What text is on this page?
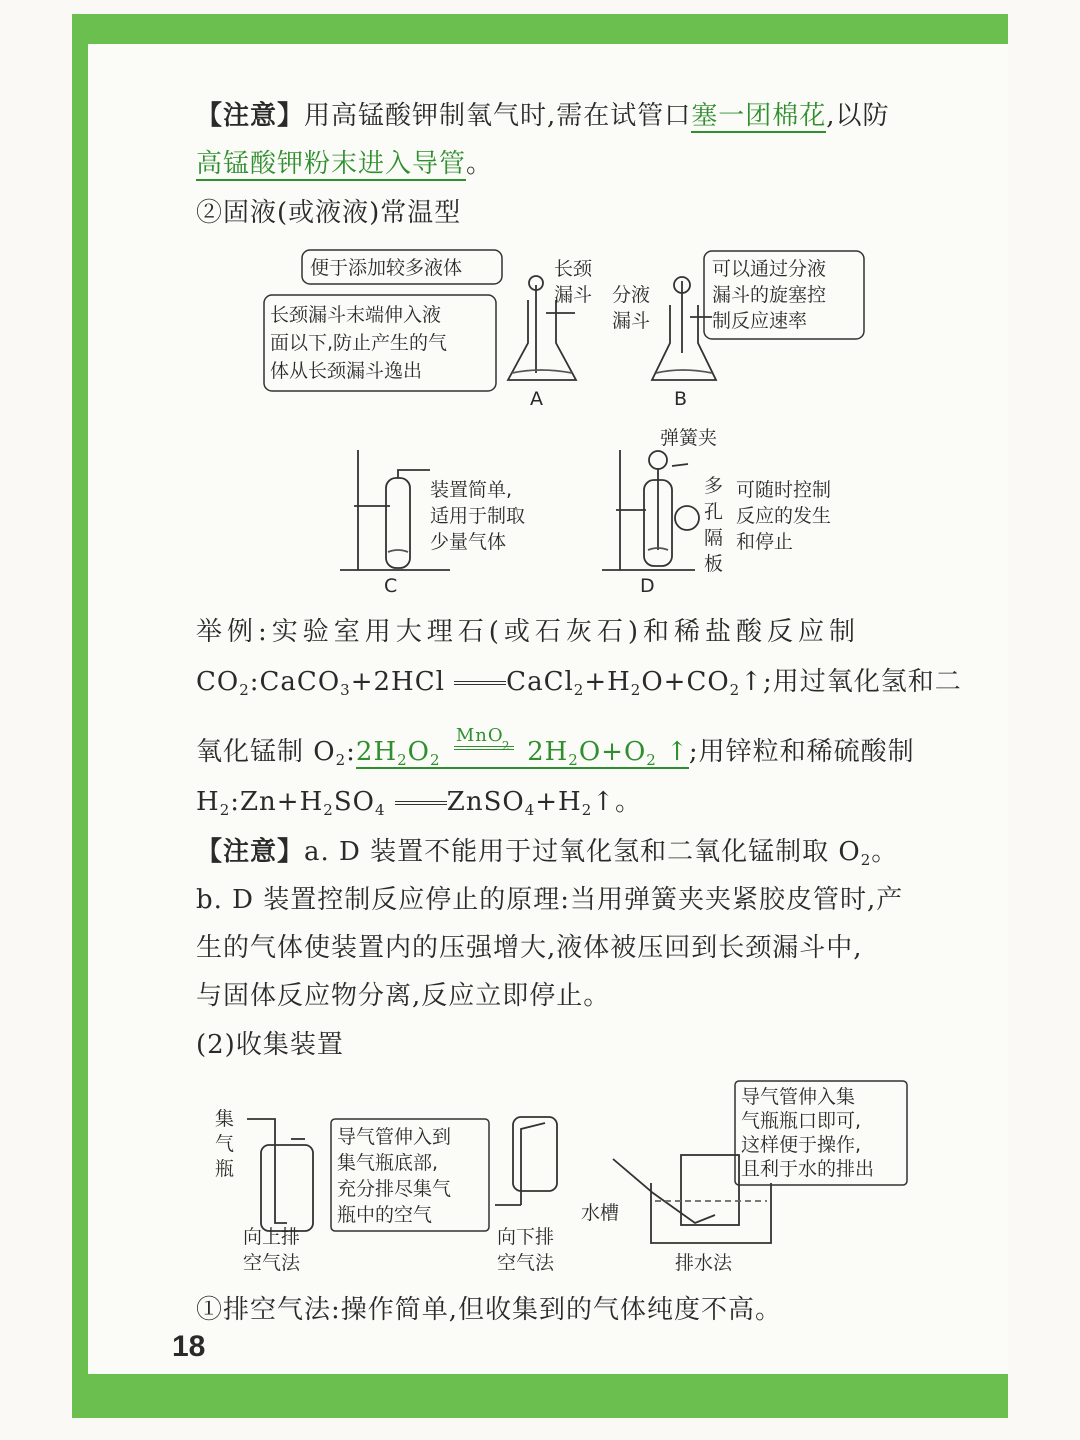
【注意】用高锰酸钾制氧气时,需在试管口塞一团棉花,以防
高锰酸钾粉末进入导管。
②固液(或液液)常温型
便于添加较多液体
长颈漏斗末端伸入液
面以下,防止产生的气
体从长颈漏斗逸出
长颈
漏斗
A
分液
漏斗
可以通过分液
漏斗的旋塞控
制反应速率
B
装置简单,
适用于制取
少量气体
C
弹簧夹
多
孔
隔
板
可随时控制
反应的发生
和停止
D
举例:实验室用大理石(或石灰石)和稀盐酸反应制
$CO_2:CaCO_3+2HCl$ $CaCl_2+H_2O+CO_2↑$;用过氧化氢和二
氧化锰制 $O_2:2H_2O_2$
MnO
2 $2H_2O+O_2$ ↑;用锌粒和稀硫酸制
$H_2:Zn+H_2SO_4$ $ZnSO_4+H_2↑$。
【注意】a. D 装置不能用于过氧化氢和二氧化锰制取 $O_2$。
b. D 装置控制反应停止的原理:当用弹簧夹夹紧胶皮管时,产
生的气体使装置内的压强增大,液体被压回到长颈漏斗中,
与固体反应物分离,反应立即停止。
(2)收集装置
集
气
瓶
导气管伸入到
集气瓶底部,
充分排尽集气
瓶中的空气
向上排
空气法
向下排
空气法
水槽
排水法
导气管伸入集
气瓶瓶口即可,
这样便于操作,
且利于水的排出
①排空气法:操作简单,但收集到的气体纯度不高。
18
